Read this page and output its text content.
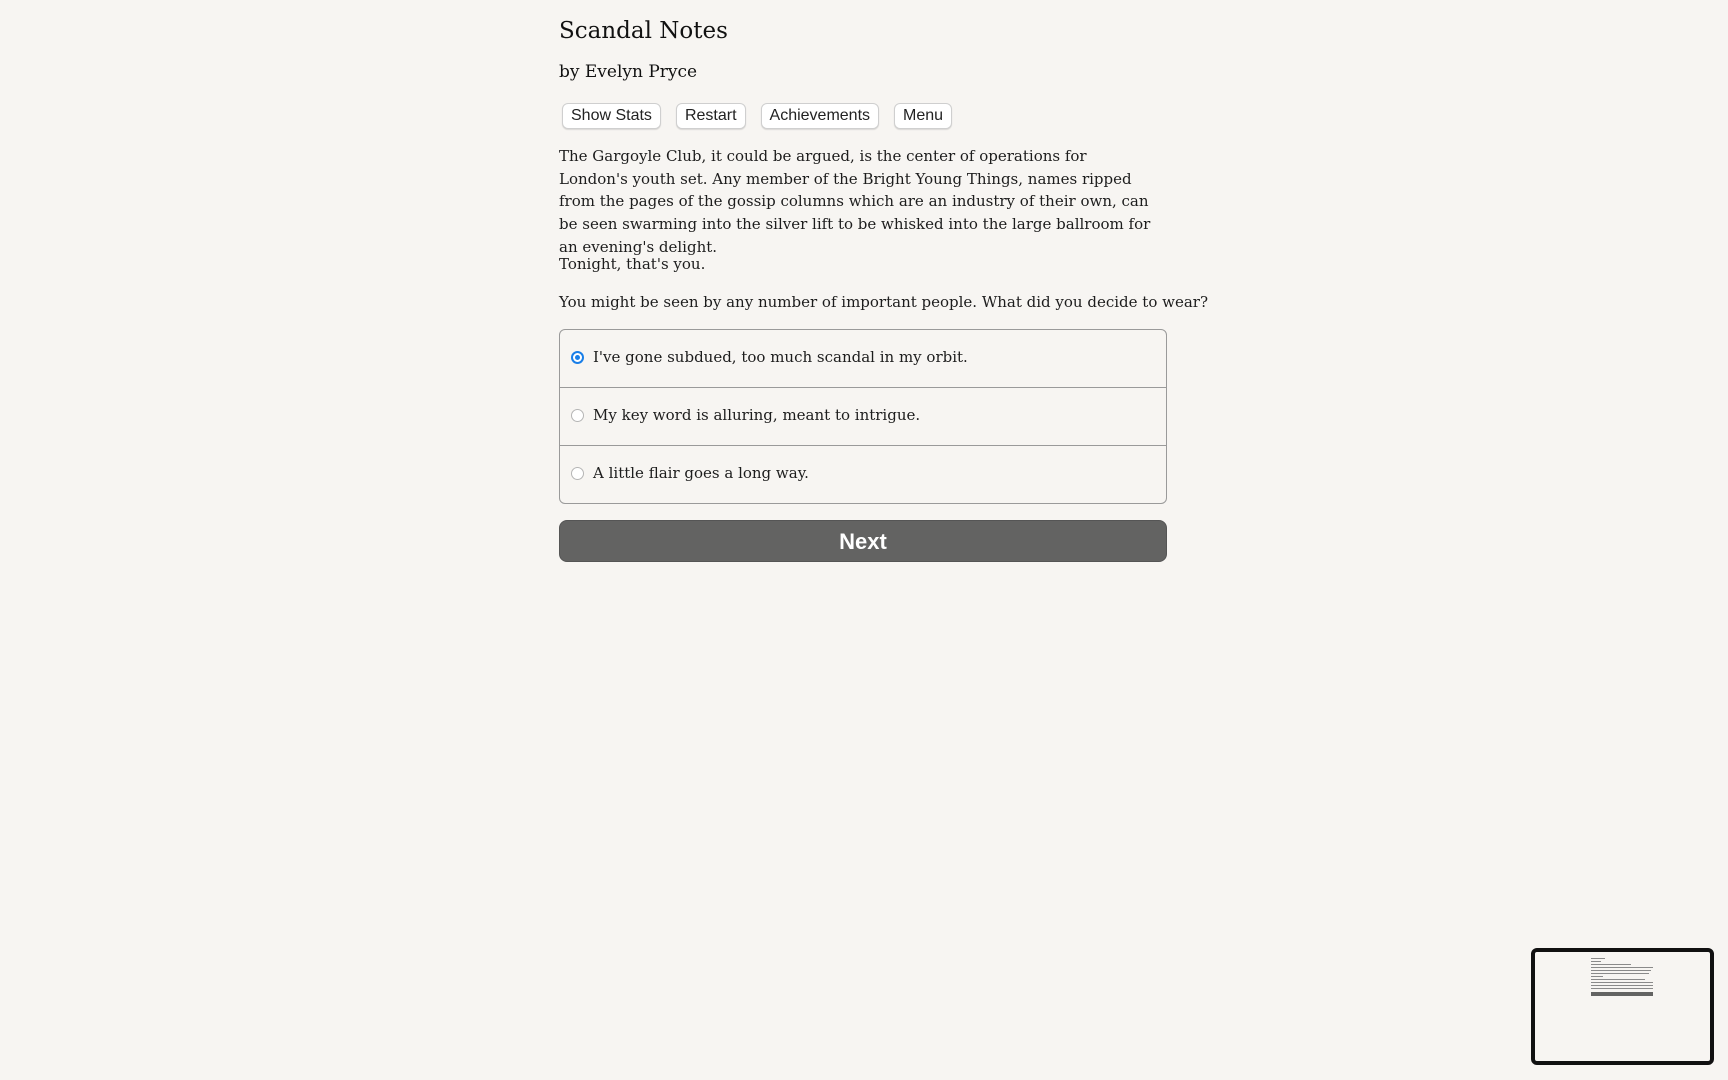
Scandal Notes
by Evelyn Pryce
Show Stats	Restart	Achievements	Menu

The Gargoyle Club, it could be argued, is the center of operations for London's youth set. Any member of the Bright Young Things, names ripped from the pages of the gossip columns which are an industry of their own, can be seen swarming into the silver lift to be whisked into the large ballroom for an evening's delight.

Tonight, that's you.

You might be seen by any number of important people. What did you decide to wear?

I've gone subdued, too much scandal in my orbit.
My key word is alluring, meant to intrigue.
A little flair goes a long way.
Next
